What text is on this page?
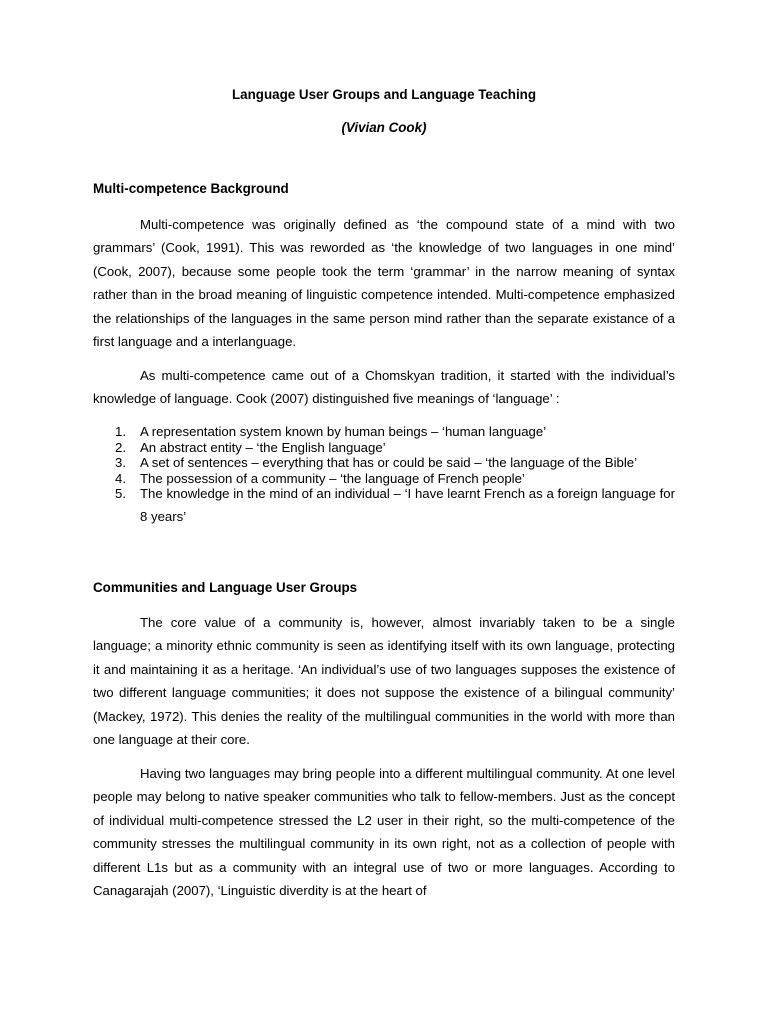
Language User Groups and Language Teaching

(Vivian Cook)

Multi-competence Background

Multi-competence was originally defined as ‘the compound state of a mind with two grammars’ (Cook, 1991). This was reworded as ‘the knowledge of two languages in one mind’ (Cook, 2007), because some people took the term ‘grammar’ in the narrow meaning of syntax rather than in the broad meaning of linguistic competence intended. Multi-competence emphasized the relationships of the languages in the same person mind rather than the separate existance of a first language and a interlanguage.

As multi-competence came out of a Chomskyan tradition, it started with the individual’s knowledge of language. Cook (2007) distinguished five meanings of ‘language’ :

1. A representation system known by human beings – ‘human language’
2. An abstract entity – ‘the English language’
3. A set of sentences – everything that has or could be said – ‘the language of the Bible’
4. The possession of a community – ‘the language of French people’
5. The knowledge in the mind of an individual – ‘I have learnt French as a foreign language for 8 years’

Communities and Language User Groups

The core value of a community is, however, almost invariably taken to be a single language; a minority ethnic community is seen as identifying itself with its own language, protecting it and maintaining it as a heritage. ‘An individual’s use of two languages supposes the existence of two different language communities; it does not suppose the existence of a bilingual community’ (Mackey, 1972). This denies the reality of the multilingual communities in the world with more than one language at their core.

Having two languages may bring people into a different multilingual community. At one level people may belong to native speaker communities who talk to fellow-members. Just as the concept of individual multi-competence stressed the L2 user in their right, so the multi-competence of the community stresses the multilingual community in its own right, not as a collection of people with different L1s but as a community with an integral use of two or more languages. According to Canagarajah (2007), ‘Linguistic diverdity is at the heart of
